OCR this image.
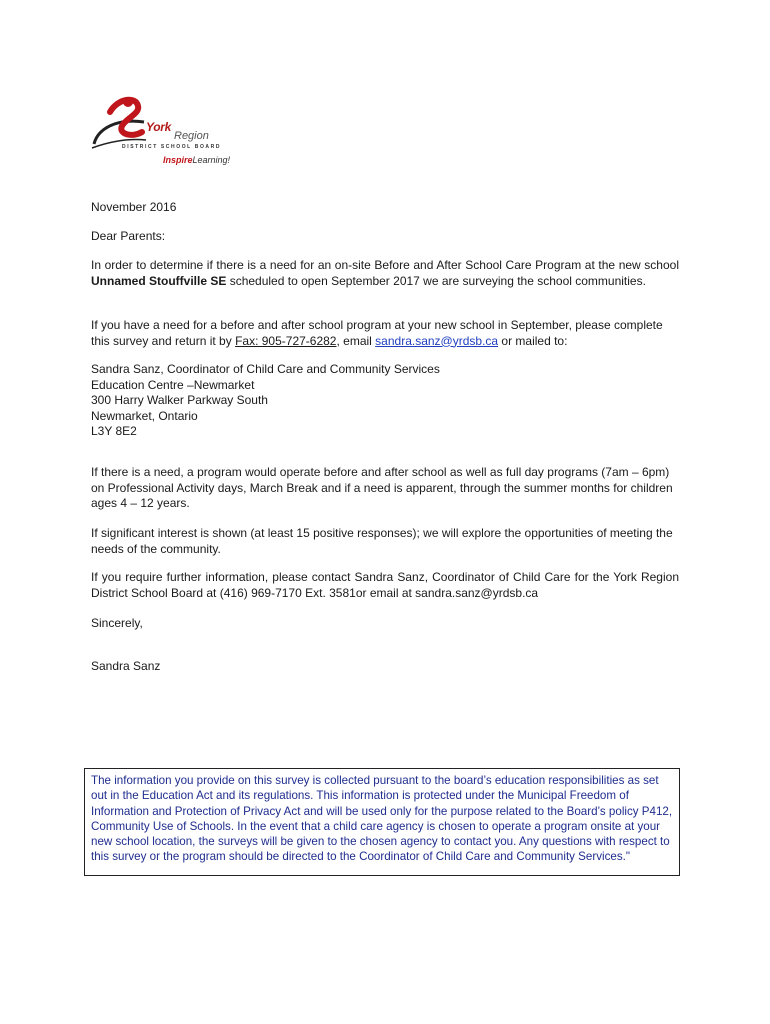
York
Region
DISTRICT SCHOOL BOARD
InspireLearning!
November 2016
Dear Parents:
In order to determine if there is a need for an on-site Before and After School Care Program at the new school Unnamed Stouffville SE scheduled to open September 2017 we are surveying the school communities.
If you have a need for a before and after school program at your new school in September, please complete this survey and return it by Fax: 905-727-6282, email sandra.sanz@yrdsb.ca or mailed to:
Sandra Sanz, Coordinator of Child Care and Community Services
Education Centre –Newmarket
300 Harry Walker Parkway South
Newmarket, Ontario
L3Y 8E2
If there is a need, a program would operate before and after school as well as full day programs (7am – 6pm) on Professional Activity days, March Break and if a need is apparent, through the summer months for children ages 4 – 12 years.
If significant interest is shown (at least 15 positive responses); we will explore the opportunities of meeting the needs of the community.
If you require further information, please contact Sandra Sanz, Coordinator of Child Care for the York Region District School Board at (416) 969-7170 Ext. 3581or email at sandra.sanz@yrdsb.ca
Sincerely,
Sandra Sanz
The information you provide on this survey is collected pursuant to the board’s education responsibilities as set out in the Education Act and its regulations. This information is protected under the Municipal Freedom of Information and Protection of Privacy Act and will be used only for the purpose related to the Board’s policy P412, Community Use of Schools. In the event that a child care agency is chosen to operate a program onsite at your new school location, the surveys will be given to the chosen agency to contact you. Any questions with respect to this survey or the program should be directed to the Coordinator of Child Care and Community Services."
